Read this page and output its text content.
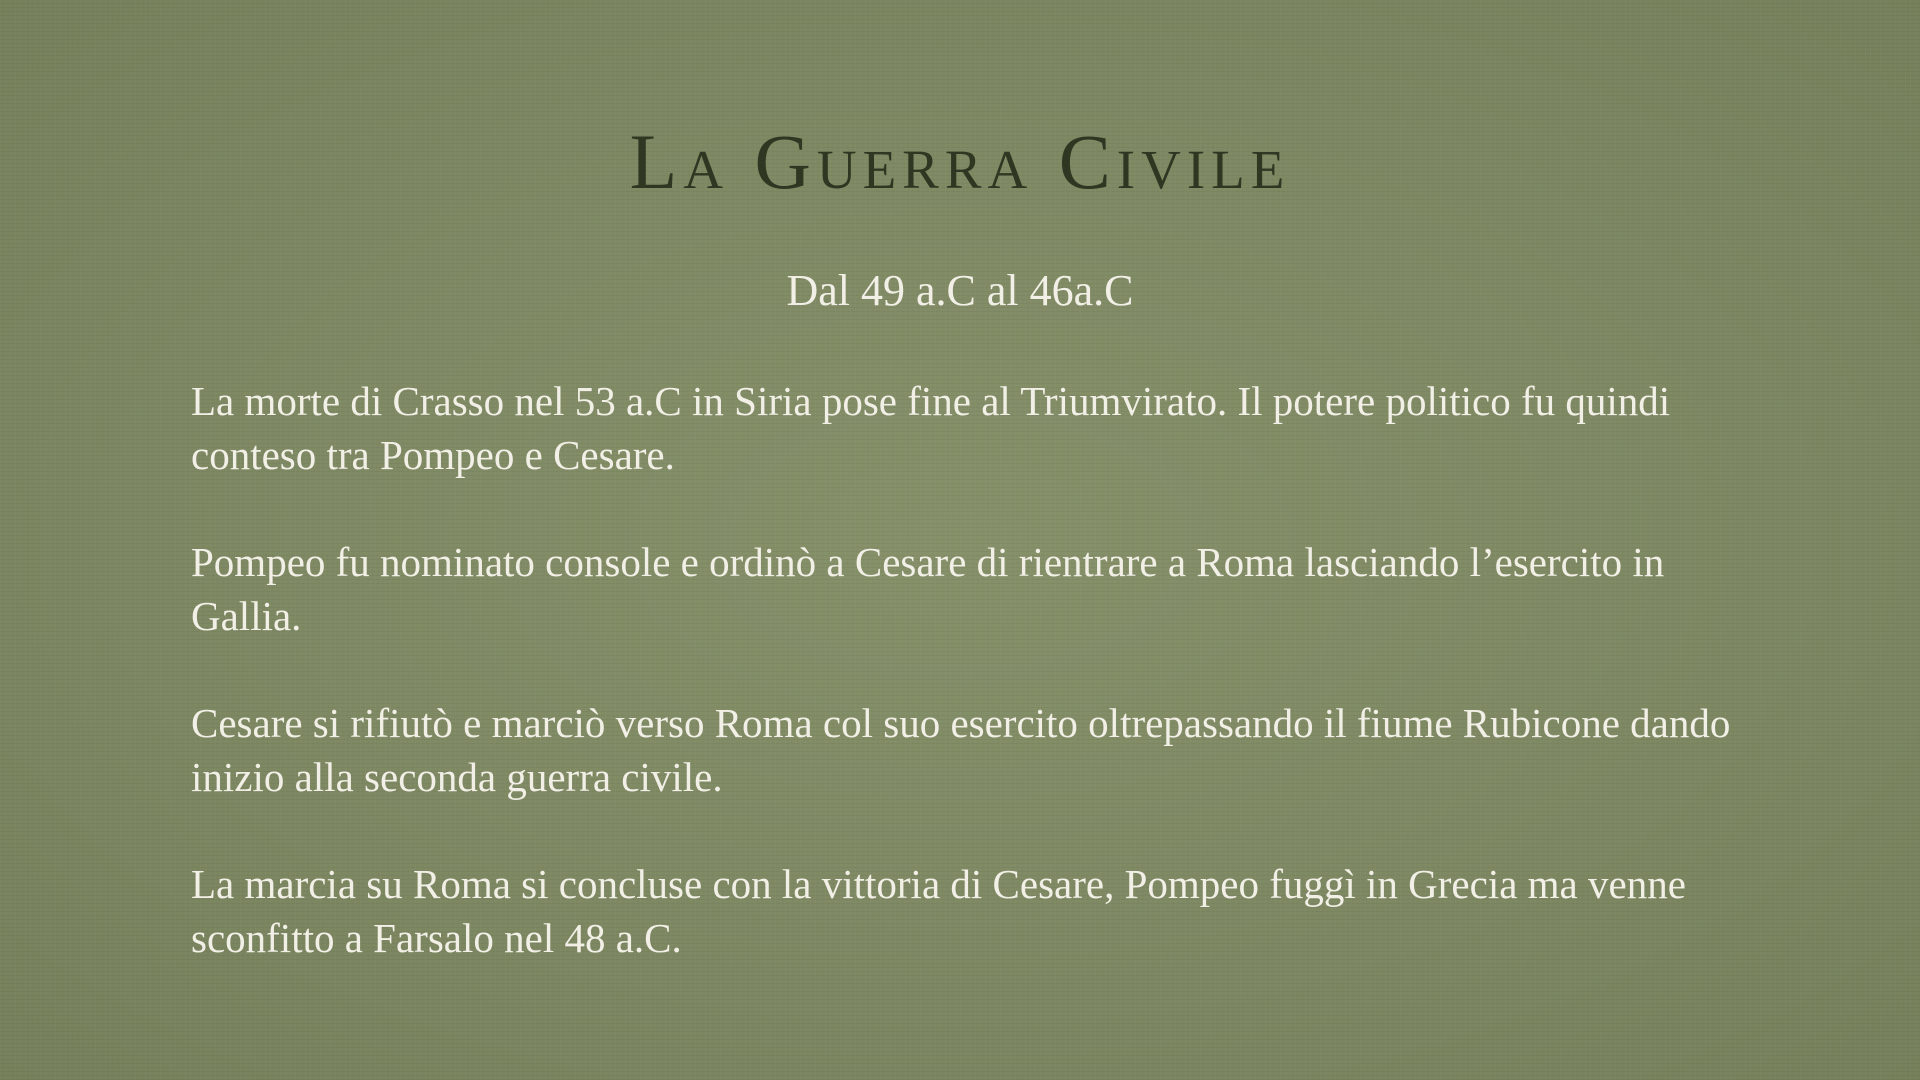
La Guerra Civile

Dal 49 a.C al 46a.C

La morte di Crasso nel 53 a.C in Siria pose fine al Triumvirato. Il potere politico fu quindi conteso tra Pompeo e Cesare.

Pompeo fu nominato console e ordinò a Cesare di rientrare a Roma lasciando l’esercito in Gallia.

Cesare si rifiutò e marciò verso Roma col suo esercito oltrepassando il fiume Rubicone dando inizio alla seconda guerra civile.

La marcia su Roma si concluse con la vittoria di Cesare, Pompeo fuggì in Grecia ma venne sconfitto a Farsalo nel 48 a.C.
